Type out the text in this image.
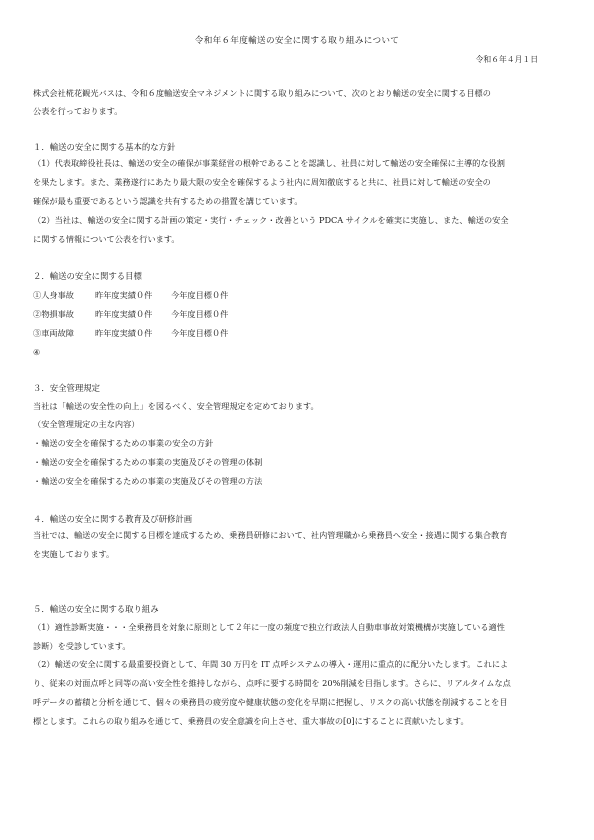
令和年６年度輸送の安全に関する取り組みについて
令和６年４月１日
株式会社椛花観光バスは、令和６度輸送安全マネジメントに関する取り組みについて、次のとおり輸送の安全に関する目標の
公表を行っております。
１．輸送の安全に関する基本的な方針
（1）代表取締役社長は、輸送の安全の確保が事業経営の根幹であることを認識し、社員に対して輸送の安全確保に主導的な役割
を果たします。また、業務遂行にあたり最大限の安全を確保するよう社内に周知徹底すると共に、社員に対して輸送の安全の
確保が最も重要であるという認識を共有するための措置を講じています。
（2）当社は、輸送の安全に関する計画の策定・実行・チェック・改善という PDCA サイクルを確実に実施し、また、輸送の安全
に関する情報について公表を行います。
２．輸送の安全に関する目標
①人身事故	昨年度実績０件 今年度目標０件
②物損事故	昨年度実績０件 今年度目標０件
③車両故障	昨年度実績０件 今年度目標０件
④
３．安全管理規定
当社は「輸送の安全性の向上」を図るべく、安全管理規定を定めております。
（安全管理規定の主な内容）
・輸送の安全を確保するための事業の安全の方針
・輸送の安全を確保するための事業の実施及びその管理の体制
・輸送の安全を確保するための事業の実施及びその管理の方法
４．輸送の安全に関する教育及び研修計画
当社では、輸送の安全に関する目標を達成するため、乗務員研修において、社内管理職から乗務員へ安全・接遇に関する集合教育
を実施しております。
５．輸送の安全に関する取り組み
（1）適性診断実施・・・全乗務員を対象に原則として２年に一度の頻度で独立行政法人自動車事故対策機構が実施している適性
診断）を受診しています。
（2）輸送の安全に関する最重要投資として、年間 30 万円を IT 点呼システムの導入・運用に重点的に配分いたします。これによ
り、従来の対面点呼と同等の高い安全性を維持しながら、点呼に要する時間を 20%削減を目指します。さらに、リアルタイムな点
呼データの蓄積と分析を通じて、個々の乗務員の疲労度や健康状態の変化を早期に把握し、リスクの高い状態を削減することを目
標とします。これらの取り組みを通じて、乗務員の安全意識を向上させ、重大事故の[0]にすることに貢献いたします。
